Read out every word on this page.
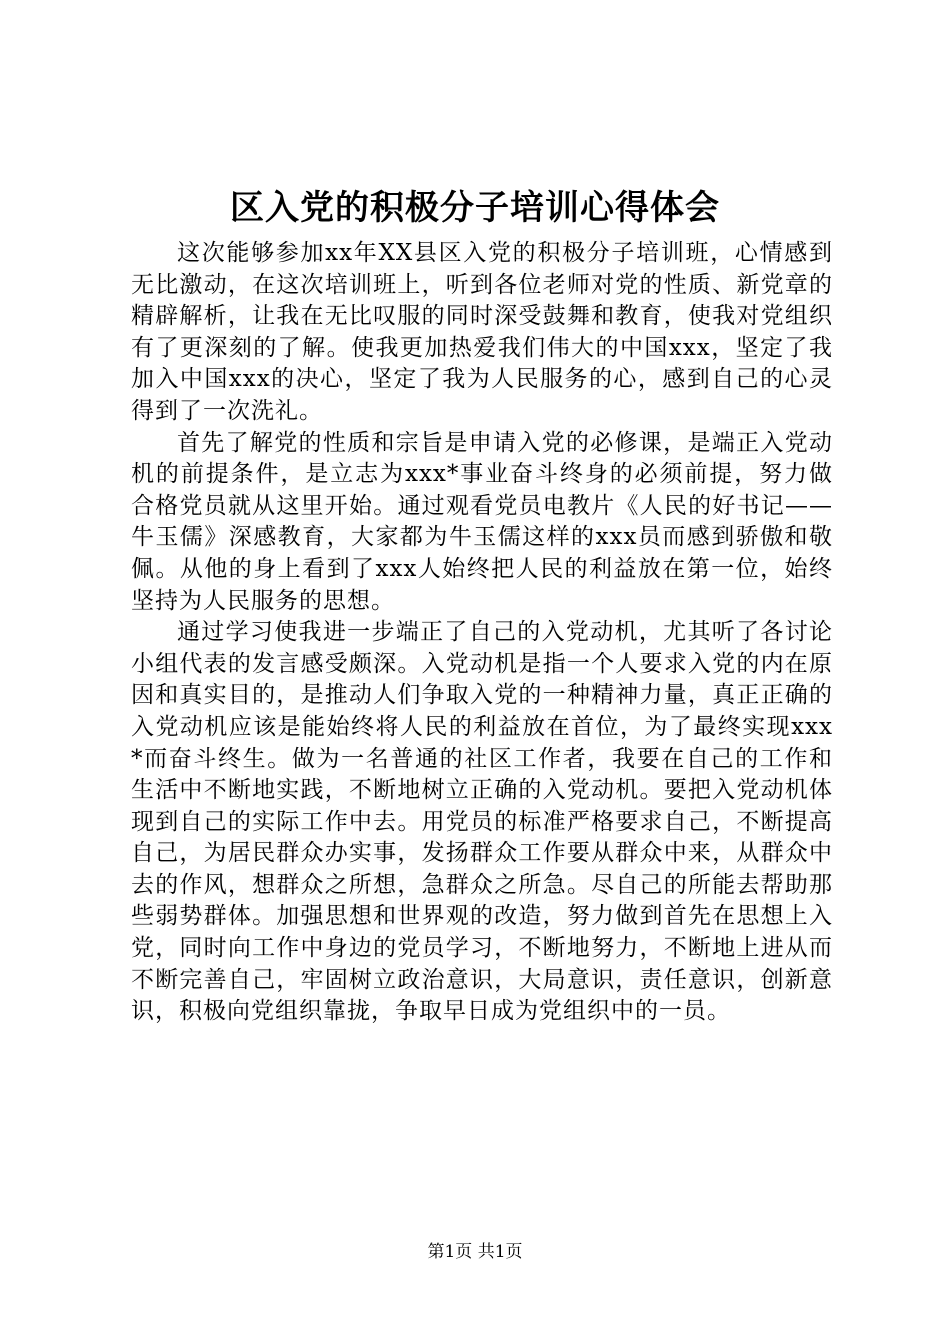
区入党的积极分子培训心得体会

这次能够参加xx年XX县区入党的积极分子培训班，心情感到无比激动，在这次培训班上，听到各位老师对党的性质、新党章的精辟解析，让我在无比叹服的同时深受鼓舞和教育，使我对党组织有了更深刻的了解。使我更加热爱我们伟大的中国xxx，坚定了我加入中国xxx的决心，坚定了我为人民服务的心，感到自己的心灵得到了一次洗礼。

首先了解党的性质和宗旨是申请入党的必修课，是端正入党动机的前提条件，是立志为xxx*事业奋斗终身的必须前提，努力做合格党员就从这里开始。通过观看党员电教片《人民的好书记——牛玉儒》深感教育，大家都为牛玉儒这样的xxx员而感到骄傲和敬佩。从他的身上看到了xxx人始终把人民的利益放在第一位，始终坚持为人民服务的思想。

通过学习使我进一步端正了自己的入党动机，尤其听了各讨论小组代表的发言感受颇深。入党动机是指一个人要求入党的内在原因和真实目的，是推动人们争取入党的一种精神力量，真正正确的入党动机应该是能始终将人民的利益放在首位，为了最终实现xxx*而奋斗终生。做为一名普通的社区工作者，我要在自己的工作和生活中不断地实践，不断地树立正确的入党动机。要把入党动机体现到自己的实际工作中去。用党员的标准严格要求自己，不断提高自己，为居民群众办实事，发扬群众工作要从群众中来，从群众中去的作风，想群众之所想，急群众之所急。尽自己的所能去帮助那些弱势群体。加强思想和世界观的改造，努力做到首先在思想上入党，同时向工作中身边的党员学习，不断地努力，不断地上进从而不断完善自己，牢固树立政治意识，大局意识，责任意识，创新意识，积极向党组织靠拢，争取早日成为党组织中的一员。

第1页 共1页
